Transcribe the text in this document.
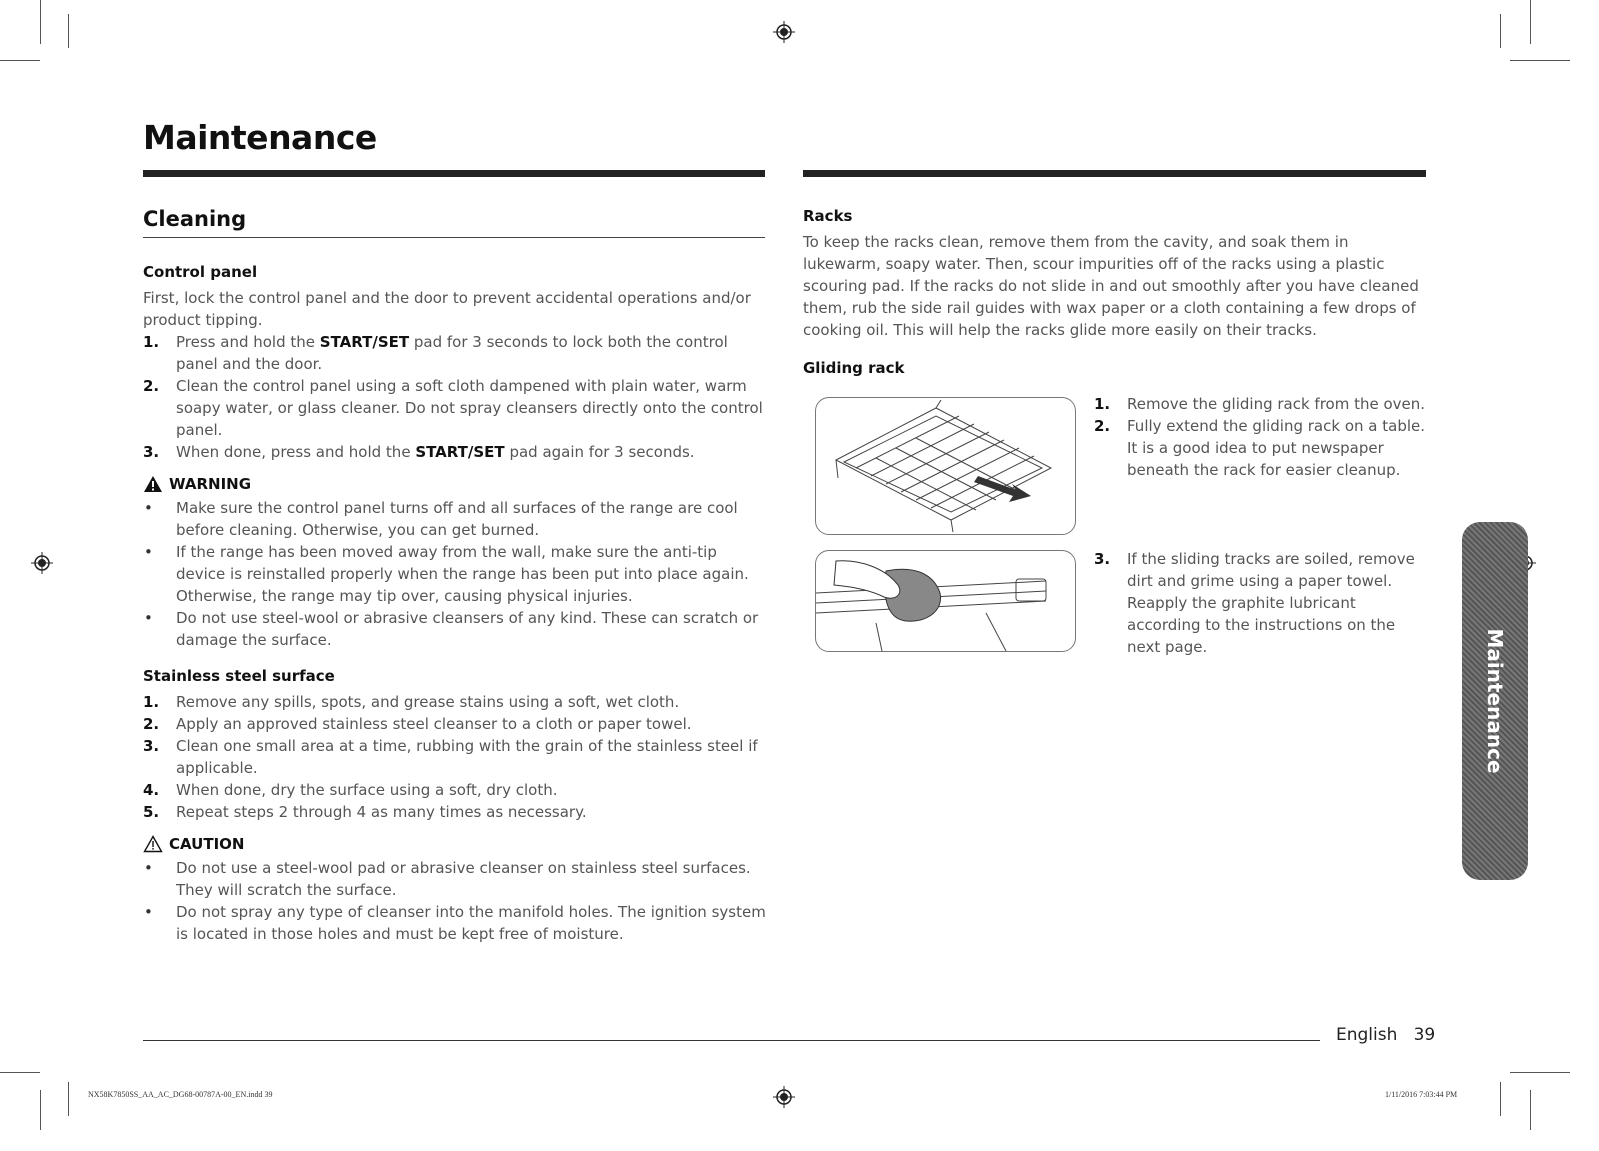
Maintenance
Cleaning

Control panel

First, lock the control panel and the door to prevent accidental operations and/or product tipping.

1. Press and hold the START/SET pad for 3 seconds to lock both the control panel and the door.
2. Clean the control panel using a soft cloth dampened with plain water, warm soapy water, or glass cleaner. Do not spray cleansers directly onto the control panel.
3. When done, press and hold the START/SET pad again for 3 seconds.

WARNING

• Make sure the control panel turns off and all surfaces of the range are cool before cleaning. Otherwise, you can get burned.
• If the range has been moved away from the wall, make sure the anti-tip device is reinstalled properly when the range has been put into place again. Otherwise, the range may tip over, causing physical injuries.
• Do not use steel-wool or abrasive cleansers of any kind. These can scratch or damage the surface.

Stainless steel surface

1. Remove any spills, spots, and grease stains using a soft, wet cloth.
2. Apply an approved stainless steel cleanser to a cloth or paper towel.
3. Clean one small area at a time, rubbing with the grain of the stainless steel if applicable.
4. When done, dry the surface using a soft, dry cloth.
5. Repeat steps 2 through 4 as many times as necessary.

CAUTION

• Do not use a steel-wool pad or abrasive cleanser on stainless steel surfaces. They will scratch the surface.
• Do not spray any type of cleanser into the manifold holes. The ignition system is located in those holes and must be kept free of moisture.

Racks

To keep the racks clean, remove them from the cavity, and soak them in lukewarm, soapy water. Then, scour impurities off of the racks using a plastic scouring pad. If the racks do not slide in and out smoothly after you have cleaned them, rub the side rail guides with wax paper or a cloth containing a few drops of cooking oil. This will help the racks glide more easily on their tracks.

Gliding rack

1. Remove the gliding rack from the oven.
2. Fully extend the gliding rack on a table. It is a good idea to put newspaper beneath the rack for easier cleanup.
3. If the sliding tracks are soiled, remove dirt and grime using a paper towel. Reapply the graphite lubricant according to the instructions on the next page.	Maintenance
English 39
NX58K7850SS_AA_AC_DG68-00787A-00_EN.indd 39	1/11/2016 7:03:44 PM
